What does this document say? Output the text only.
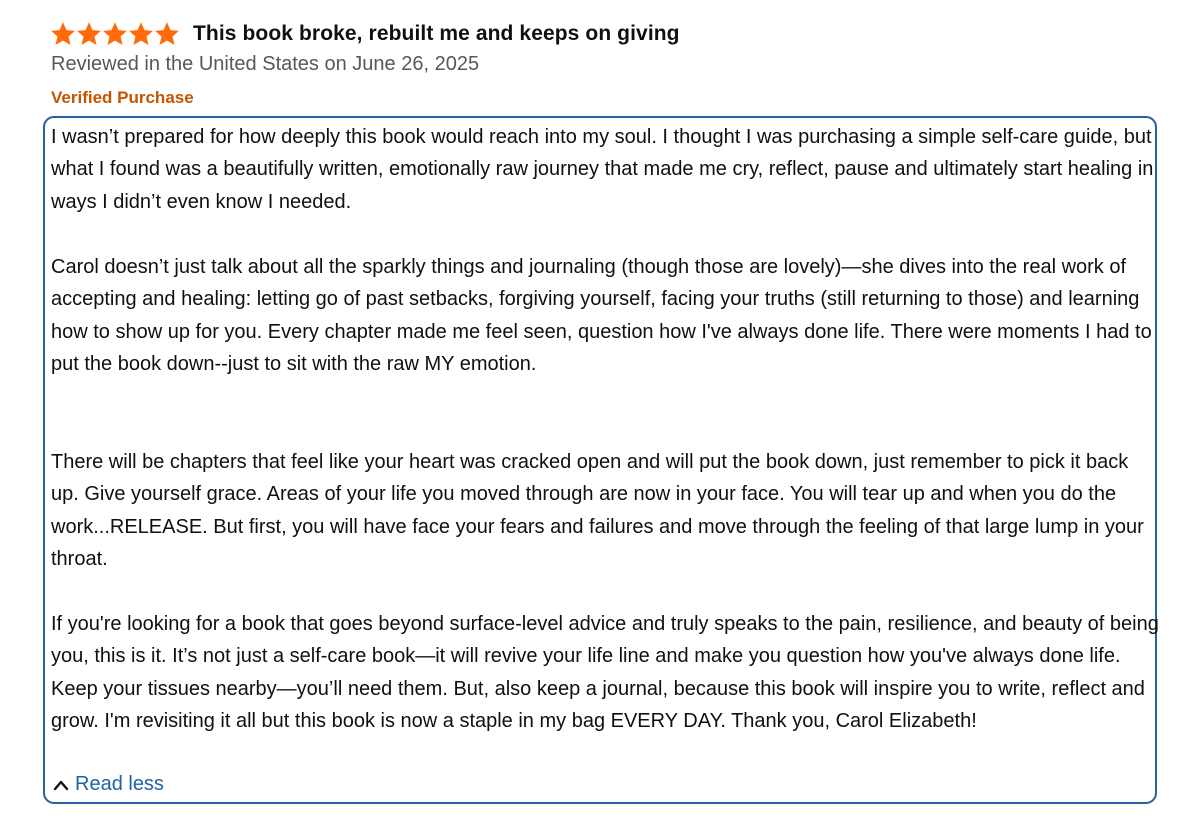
This book broke, rebuilt me and keeps on giving
Reviewed in the United States on June 26, 2025
Verified Purchase

I wasn’t prepared for how deeply this book would reach into my soul. I thought I was purchasing a simple self-care guide, but what I found was a beautifully written, emotionally raw journey that made me cry, reflect, pause and ultimately start healing in ways I didn’t even know I needed.

Carol doesn’t just talk about all the sparkly things and journaling (though those are lovely)—she dives into the real work of accepting and healing: letting go of past setbacks, forgiving yourself, facing your truths (still returning to those) and learning how to show up for you. Every chapter made me feel seen, question how I've always done life. There were moments I had to put the book down--just to sit with the raw MY emotion.

There will be chapters that feel like your heart was cracked open and will put the book down, just remember to pick it back up. Give yourself grace. Areas of your life you moved through are now in your face. You will tear up and when you do the work...RELEASE. But first, you will have face your fears and failures and move through the feeling of that large lump in your throat.

If you're looking for a book that goes beyond surface-level advice and truly speaks to the pain, resilience, and beauty of being you, this is it. It’s not just a self-care book—it will revive your life line and make you question how you've always done life. Keep your tissues nearby—you’ll need them. But, also keep a journal, because this book will inspire you to write, reflect and grow. I'm revisiting it all but this book is now a staple in my bag EVERY DAY. Thank you, Carol Elizabeth!

Read less
